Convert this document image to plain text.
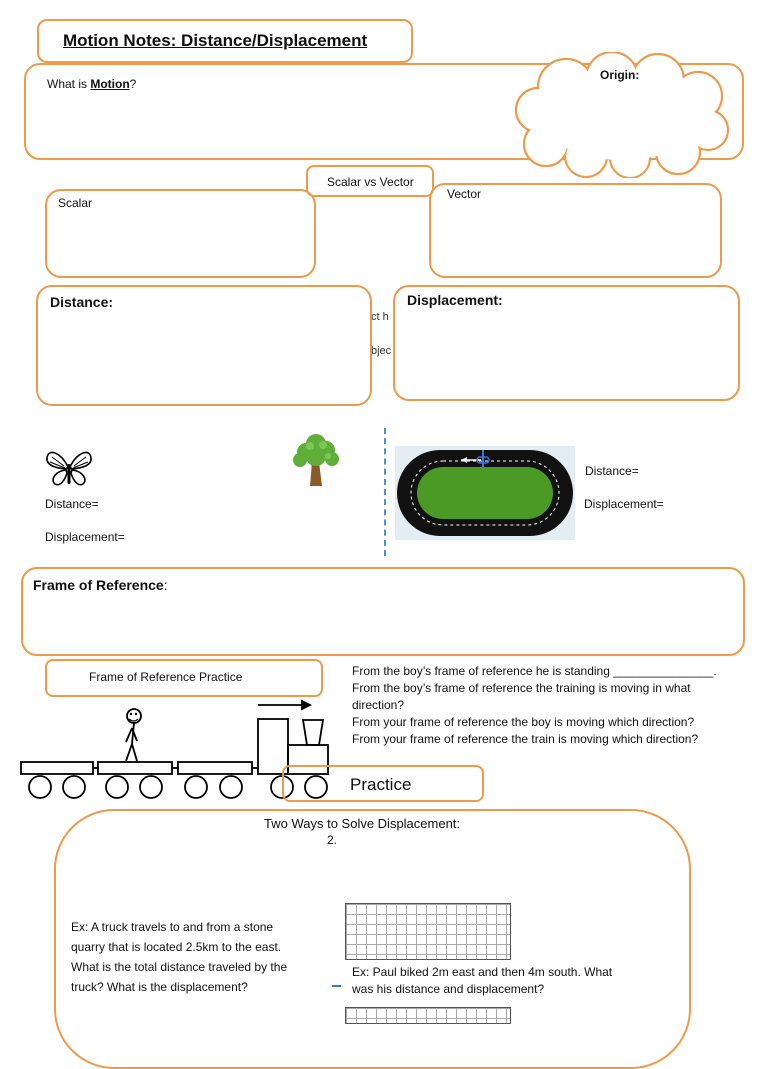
Motion Notes: Distance/Displacement
What is Motion?
Origin:
Scalar vs Vector
Scalar
Vector
ct h
bjec
Distance:	Displacement:
Distance=
Displacement=
Distance=
Displacement=
Frame of Reference:
Frame of Reference Practice	From the boy’s frame of reference he is standing _______________.
From the boy’s frame of reference the training is moving in what
direction?
From your frame of reference the boy is moving which direction?
From your frame of reference the train is moving which direction?
Practice
Two Ways to Solve Displacement:
2.
Ex: A truck travels to and from a stone
quarry that is located 2.5km to the east.
What is the total distance traveled by the
truck? What is the displacement?
Ex: Paul biked 2m east and then 4m south. What
was his distance and displacement?
